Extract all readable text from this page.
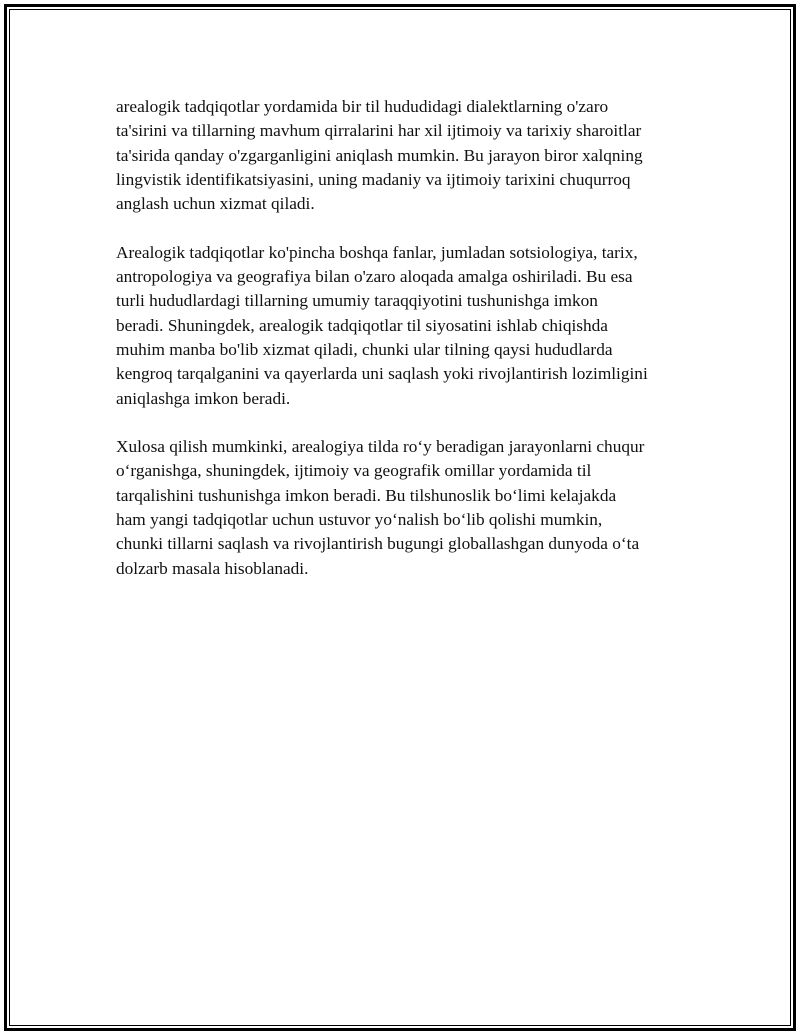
arealogik tadqiqotlar yordamida bir til hududidagi dialektlarning o'zaro
ta'sirini va tillarning mavhum qirralarini har xil ijtimoiy va tarixiy sharoitlar
ta'sirida qanday o'zgarganligini aniqlash mumkin. Bu jarayon biror xalqning
lingvistik identifikatsiyasini, uning madaniy va ijtimoiy tarixini chuqurroq
anglash uchun xizmat qiladi.

Arealogik tadqiqotlar ko'pincha boshqa fanlar, jumladan sotsiologiya, tarix,
antropologiya va geografiya bilan o'zaro aloqada amalga oshiriladi. Bu esa
turli hududlardagi tillarning umumiy taraqqiyotini tushunishga imkon
beradi. Shuningdek, arealogik tadqiqotlar til siyosatini ishlab chiqishda
muhim manba bo'lib xizmat qiladi, chunki ular tilning qaysi hududlarda
kengroq tarqalganini va qayerlarda uni saqlash yoki rivojlantirish lozimligini
aniqlashga imkon beradi.

Xulosa qilish mumkinki, arealogiya tilda ro‘y beradigan jarayonlarni chuqur
o‘rganishga, shuningdek, ijtimoiy va geografik omillar yordamida til
tarqalishini tushunishga imkon beradi. Bu tilshunoslik bo‘limi kelajakda
ham yangi tadqiqotlar uchun ustuvor yo‘nalish bo‘lib qolishi mumkin,
chunki tillarni saqlash va rivojlantirish bugungi globallashgan dunyoda o‘ta
dolzarb masala hisoblanadi.
